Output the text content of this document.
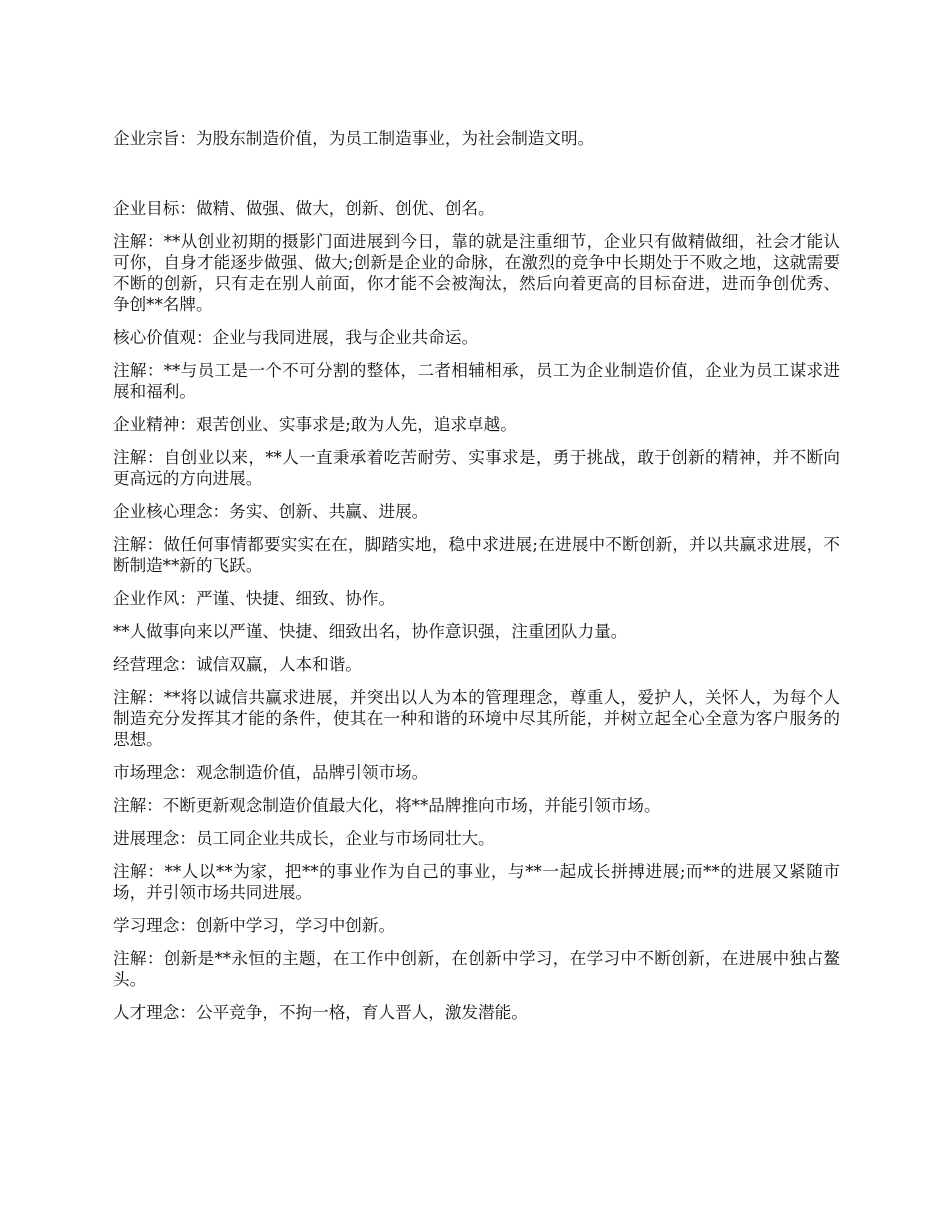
企业宗旨：为股东制造价值，为员工制造事业，为社会制造文明。

企业目标：做精、做强、做大，创新、创优、创名。

注解：**从创业初期的摄影门面进展到今日，靠的就是注重细节，企业只有做精做细，社会才能认可你，自身才能逐步做强、做大;创新是企业的命脉，在激烈的竞争中长期处于不败之地，这就需要不断的创新，只有走在别人前面，你才能不会被淘汰，然后向着更高的目标奋进，进而争创优秀、争创**名牌。

核心价值观：企业与我同进展，我与企业共命运。

注解：**与员工是一个不可分割的整体，二者相辅相承，员工为企业制造价值，企业为员工谋求进展和福利。

企业精神：艰苦创业、实事求是;敢为人先，追求卓越。

注解：自创业以来，**人一直秉承着吃苦耐劳、实事求是，勇于挑战，敢于创新的精神，并不断向更高远的方向进展。

企业核心理念：务实、创新、共赢、进展。

注解：做任何事情都要实实在在，脚踏实地，稳中求进展;在进展中不断创新，并以共赢求进展，不断制造**新的飞跃。

企业作风：严谨、快捷、细致、协作。

**人做事向来以严谨、快捷、细致出名，协作意识强，注重团队力量。

经营理念：诚信双赢，人本和谐。

注解：**将以诚信共赢求进展，并突出以人为本的管理理念，尊重人，爱护人，关怀人，为每个人制造充分发挥其才能的条件，使其在一种和谐的环境中尽其所能，并树立起全心全意为客户服务的思想。

市场理念：观念制造价值，品牌引领市场。

注解：不断更新观念制造价值最大化，将**品牌推向市场，并能引领市场。

进展理念：员工同企业共成长，企业与市场同壮大。

注解：**人以**为家，把**的事业作为自己的事业，与**一起成长拼搏进展;而**的进展又紧随市场，并引领市场共同进展。

学习理念：创新中学习，学习中创新。

注解：创新是**永恒的主题，在工作中创新，在创新中学习，在学习中不断创新，在进展中独占鳌头。

人才理念：公平竞争，不拘一格，育人晋人，激发潜能。
